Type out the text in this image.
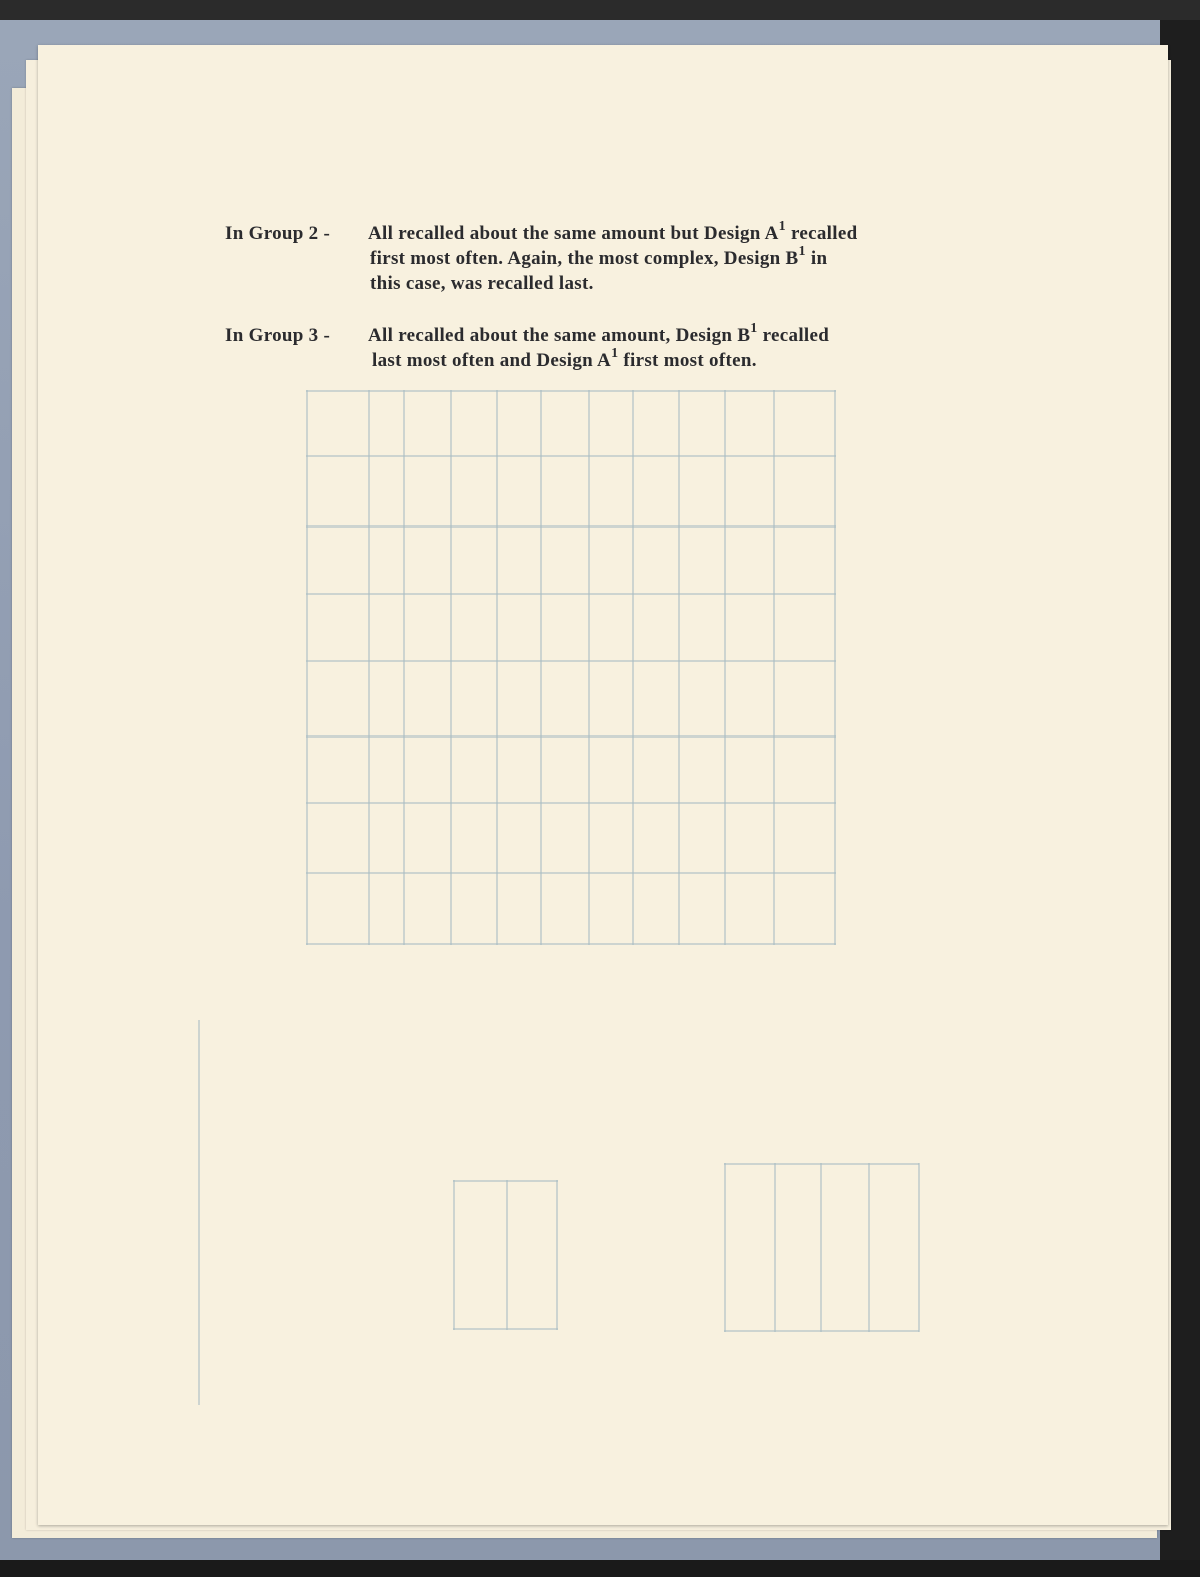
In Group 2 - All recalled about the same amount but Design $A^1$ recalled
first most often. Again, the most complex, Design $B^1$ in
this case, was recalled last.
In Group 3 - All recalled about the same amount, Design $B^1$ recalled
last most often and Design $A^1$ first most often.
